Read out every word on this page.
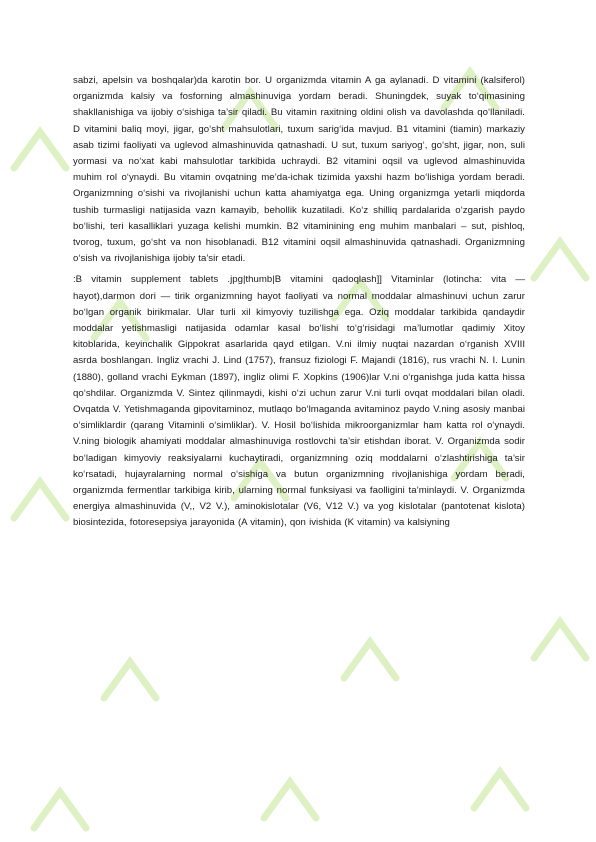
sabzi, apelsin va boshqalar)da karotin bor. U organizmda vitamin A ga aylanadi. D vitamini (kalsiferol) organizmda kalsiy va fosforning almashinuviga yordam beradi. Shuningdek, suyak to‘qimasining shakllanishiga va ijobiy o‘sishiga ta’sir qiladi. Bu vitamin raxitning oldini olish va davolashda qo‘llaniladi. D vitamini baliq moyi, jigar, go‘sht mahsulotlari, tuxum sarig‘ida mavjud. B1 vitamini (tiamin) markaziy asab tizimi faoliyati va uglevod almashinuvida qatnashadi. U sut, tuxum sariyog‘, go‘sht, jigar, non, suli yormasi va no‘xat kabi mahsulotlar tarkibida uchraydi. B2 vitamini oqsil va uglevod almashinuvida muhim rol o‘ynaydi. Bu vitamin ovqatning me’da-ichak tizimida yaxshi hazm bo‘lishiga yordam beradi. Organizmning o‘sishi va rivojlanishi uchun katta ahamiyatga ega. Uning organizmga yetarli miqdorda tushib turmasligi natijasida vazn kamayib, behollik kuzatiladi. Ko‘z shilliq pardalarida o‘zgarish paydo bo‘lishi, teri kasalliklari yuzaga kelishi mumkin. B2 vitaminining eng muhim manbalari – sut, pishloq, tvorog, tuxum, go‘sht va non hisoblanadi. B12 vitamini oqsil almashinuvida qatnashadi. Organizmning o‘sish va rivojlanishiga ijobiy ta’sir etadi.

:B vitamin supplement tablets .jpg|thumb|B vitamini qadoqlash]] Vitaminlar (lotincha: vita — hayot),darmon dori — tirik organizmning hayot faoliyati va normal moddalar almashinuvi uchun zarur bo‘lgan organik birikmalar. Ular turli xil kimyoviy tuzilishga ega. Oziq moddalar tarkibida qandaydir moddalar yetishmasligi natijasida odamlar kasal bo‘lishi to‘g‘risidagi ma’lumotlar qadimiy Xitoy kitoblarida, keyinchalik Gippokrat asarlarida qayd etilgan. V.ni ilmiy nuqtai nazardan o‘rganish XVIII asrda boshlangan. Ingliz vrachi J. Lind (1757), fransuz fiziologi F. Majandi (1816), rus vrachi N. I. Lunin (1880), golland vrachi Eykman (1897), ingliz olimi F. Xopkins (1906)lar V.ni o‘rganishga juda katta hissa qo‘shdilar. Organizmda V. Sintez qilinmaydi, kishi o‘zi uchun zarur V.ni turli ovqat moddalari bilan oladi. Ovqatda V. Yetishmaganda gipovitaminoz, mutlaqo bo‘lmaganda avitaminoz paydo V.ning asosiy manbai o‘simliklardir (qarang Vitaminli o‘simliklar). V. Hosil bo‘lishida mikroorganizmlar ham katta rol o‘ynaydi. V.ning biologik ahamiyati moddalar almashinuviga rostlovchi ta’sir etishdan iborat. V. Organizmda sodir bo‘ladigan kimyoviy reaksiyalarni kuchaytiradi, organizmning oziq moddalarni o‘zlashtirishiga ta’sir ko‘rsatadi, hujayralarning normal o‘sishiga va butun organizmning rivojlanishiga yordam beradi, organizmda fermentlar tarkibiga kirib, ularning normal funksiyasi va faolligini ta’minlaydi. V. Organizmda energiya almashinuvida (V,, V2 V.), aminokislotalar (V6, V12 V.) va yog kislotalar (pantotenat kislota) biosintezida, fotoresepsiya jarayonida (A vitamin), qon ivishida (K vitamin) va kalsiyning
